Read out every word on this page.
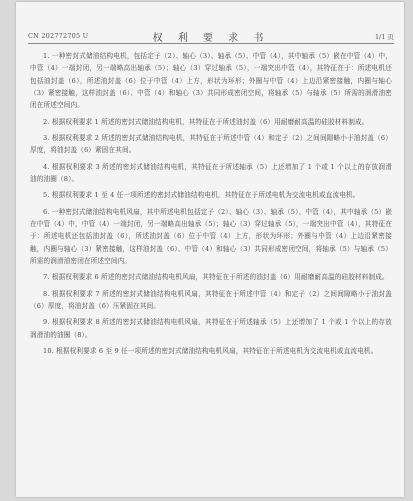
CN 202772705 U	权 利 要 求 书	1/1 页

1. 一种密封式储油结构电机，包括定子（2）、轴心（3）、轴承（5）、中管（4），其中轴承（5）嵌在中管（4）中，中管（4）一端封闭，另一端略高出轴承（5）；轴心（3）穿过轴承（5），一端突出中管（4），其特征在于：所述电机还包括油封盖（6），所述油封盖（6）位于中管（4）上方，形状为环形；外圈与中管（4）上边沿紧密接触，内圈与轴心（3）紧密接触，这样油封盖（6）、中管（4）和轴心（3）共同形成密闭空间，将轴承（5）与轴承（5）所需的润滑油密闭在所述空间内。

2. 根据权利要求 1 所述的密封式储油结构电机，其特征在于所述油封盖（6）用耐磨耐高温的硅胶材料制成。

3. 根据权利要求 2 所述的密封式储油结构电机，其特征在于所述中管（4）和定子（2）之间间隙略小于油封盖（6）厚度，将油封盖（6）紧固在其间。

4. 根据权利要求 3 所述的密封式储油结构电机，其特征在于所述轴承（5）上还增加了 1 个或 1 个以上的存放润滑油的油圈（8）。

5. 根据权利要求 1 至 4 任一项所述的密封式储油结构电机，其特征在于所述电机为交流电机或直流电机。

6. 一种密封式储油结构电机风扇，其中所述电机包括定子（2）、轴心（3）、轴承（5）、中管（4），其中轴承（5）嵌在中管（4）中，中管（4）一端封闭，另一端略高出轴承（5）；轴心（3）穿过轴承（5），一端突出中管（4），其特征在于：所述电机还包括油封盖（6），所述油封盖（6）位于中管（4）上方，形状为环形；外圈与中管（4）上边沿紧密接触，内圈与轴心（3）紧密接触，这样油封盖（6）、中管（4）和轴心（3）共同形成密闭空间，将轴承（5）与轴承（5）所需的润滑油密闭在所述空间内。

7. 根据权利要求 6 所述的密封式储油结构电机风扇，其特征在于所述的油封盖（6）用耐磨耐高温的硅胶材料制成。

8. 根据权利要求 7 所述的密封式储油结构电机风扇，其特征在于所述中管（4）和定子（2）之间间隙略小于油封盖（6）厚度，将油封盖（6）压紧固在其间。

9. 根据权利要求 8 所述的密封式储油结构电机风扇，其特征在于所述轴承（5）上还增加了 1 个或 1 个以上的存放润滑油的油圈（8）。

10. 根据权利要求 6 至 9 任一项所述的密封式储油结构电机风扇，其特征在于所述电机为交流电机或直流电机。
